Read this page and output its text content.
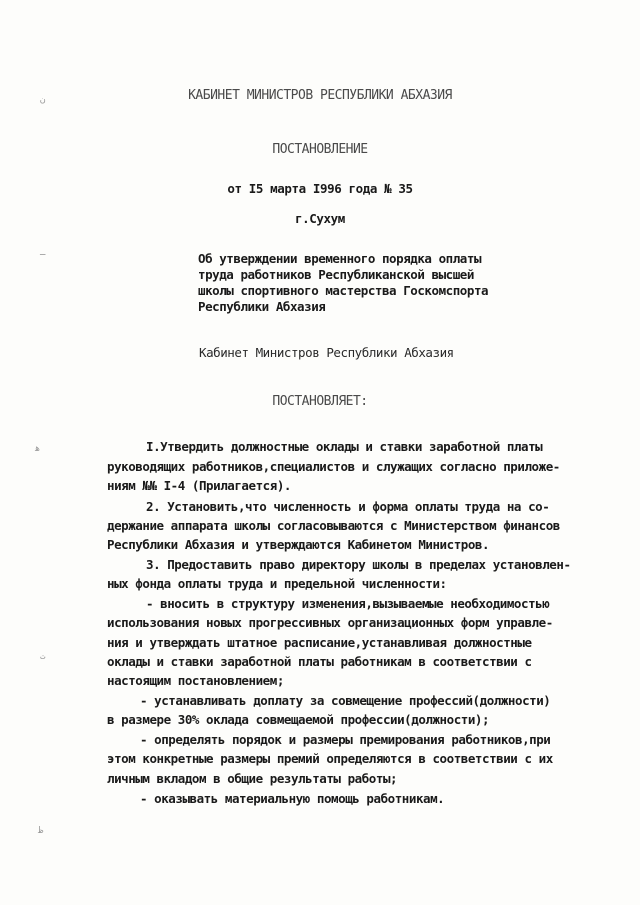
КАБИНЕТ МИНИСТРОВ РЕСПУБЛИКИ АБХАЗИЯ
ПОСТАНОВЛЕНИЕ
от I5 марта I996 года № 35
г.Сухум
Об утверждении временного порядка оплаты
труда работников Республиканской высшей
школы спортивного мастерства Госкомспорта
Республики Абхазия
Кабинет Министров Республики Абхазия
ПОСТАНОВЛЯЕТ:
I.Утвердить должностные оклады и ставки заработной платы
руководящих работников,специалистов и служащих согласно приложе-
ниям №№ I-4 (Прилагается).
2. Установить,что численность и форма оплаты труда на со-
держание аппарата школы согласовываются с Министерством финансов
Республики Абхазия и утверждаются Кабинетом Министров.
3. Предоставить право директору школы в пределах установлен-
ных фонда оплаты труда и предельной численности:
- вносить в структуру изменения,вызываемые необходимостью
использования новых прогрессивных организационных форм управле-
ния и утверждать штатное расписание,устанавливая должностные
оклады и ставки заработной платы работникам в соответствии с
настоящим постановлением;
- устанавливать доплату за совмещение профессий(должности)
в размере 30% оклада совмещаемой профессии(должности);
- определять порядок и размеры премирования работников,при
этом конкретные размеры премий определяются в соответствии с их
личным вкладом в общие результаты работы;
- оказывать материальную помощь работникам.
ن
ـ
ﻫ
ﺕ
ﻇ
